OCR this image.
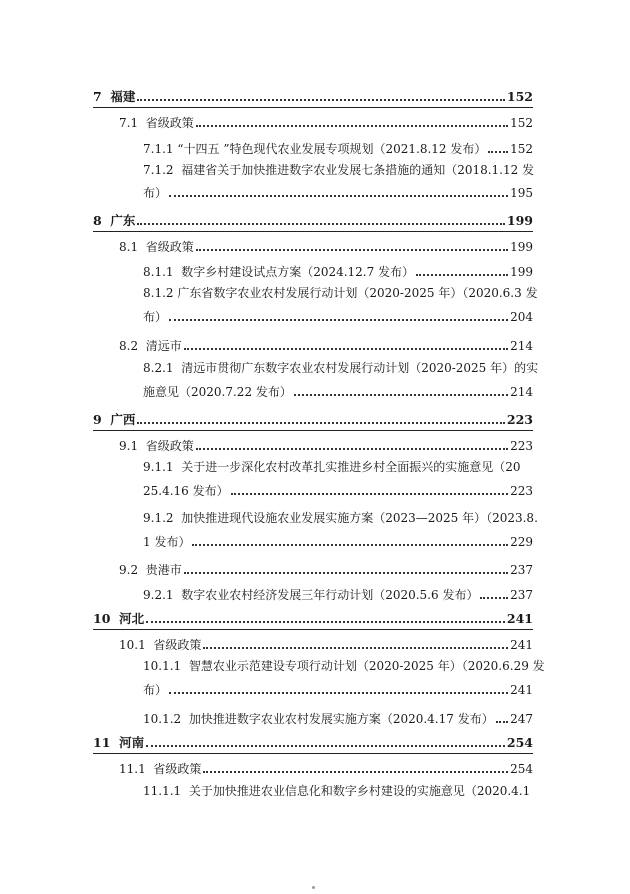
7 福建	152
7.1 省级政策	152
7.1.1 “十四五 ”特色现代农业发展专项规划（2021.8.12 发布） 152
7.1.2 福建省关于加快推进数字农业发展七条措施的通知（2018.1.12 发
布）	195
8 广东	199
8.1 省级政策	199
8.1.1 数字乡村建设试点方案（2024.12.7 发布）	199
8.1.2 广东省数字农业农村发展行动计划（2020-2025 年）（2020.6.3 发
布）	204
8.2 清远市	214
8.2.1 清远市贯彻广东数字农业农村发展行动计划（2020-2025 年）的实
施意见（2020.7.22 发布）	214
9 广西	223
9.1 省级政策	223
9.1.1 关于进一步深化农村改革扎实推进乡村全面振兴的实施意见（20
25.4.16 发布）	223
9.1.2 加快推进现代设施农业发展实施方案（2023—2025 年）（2023.8.
1 发布）	229
9.2 贵港市	237
9.2.1 数字农业农村经济发展三年行动计划（2020.5.6 发布）	237
10 河北	241
10.1 省级政策	241
10.1.1 智慧农业示范建设专项行动计划（2020-2025 年）（2020.6.29 发
布）	241
10.1.2 加快推进数字农业农村发展实施方案（2020.4.17 发布） 247
11 河南	254
11.1 省级政策	254
11.1.1 关于加快推进农业信息化和数字乡村建设的实施意见（2020.4.1
